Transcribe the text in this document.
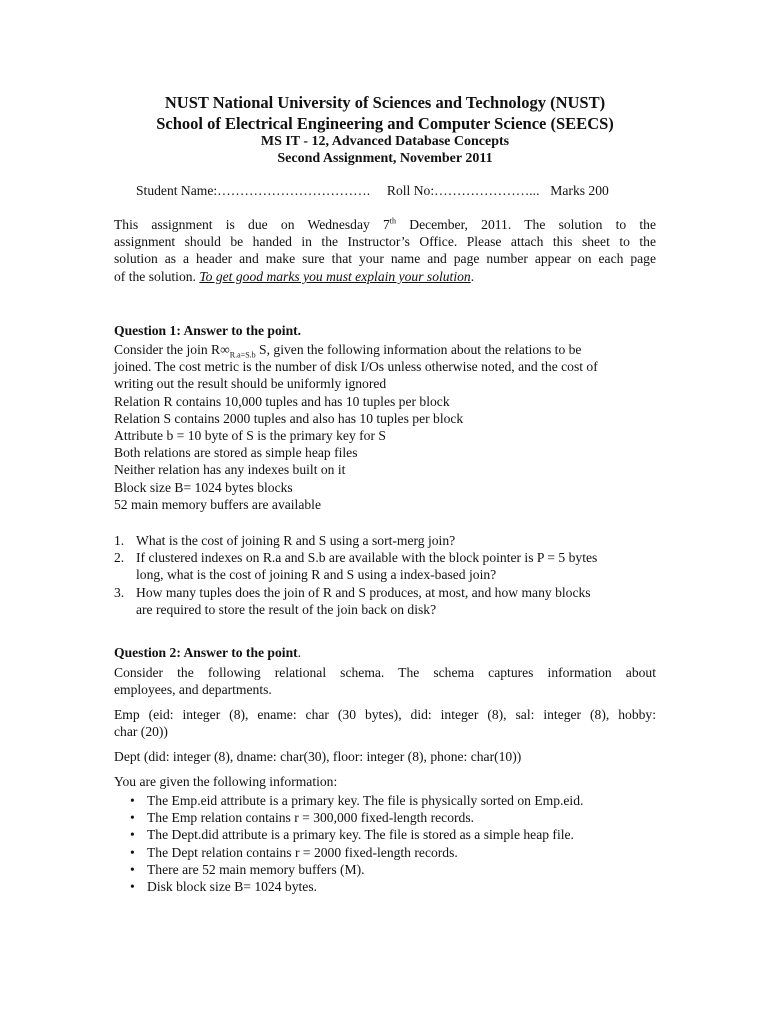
NUST National University of Sciences and Technology (NUST)
School of Electrical Engineering and Computer Science (SEECS)
MS IT - 12, Advanced Database Concepts
Second Assignment, November 2011
Student Name:……………………………. Roll No:…………………... Marks 200
This assignment is due on Wednesday 7th December, 2011. The solution to the
assignment should be handed in the Instructor’s Office. Please attach this sheet to the
solution as a header and make sure that your name and page number appear on each page
of the solution. To get good marks you must explain your solution.
Question 1: Answer to the point.
Consider the join $R\infty_{R.a=S.b}$ S, given the following information about the relations to be
joined. The cost metric is the number of disk I/Os unless otherwise noted, and the cost of
writing out the result should be uniformly ignored
Relation R contains 10,000 tuples and has 10 tuples per block
Relation S contains 2000 tuples and also has 10 tuples per block
Attribute b = 10 byte of S is the primary key for S
Both relations are stored as simple heap files
Neither relation has any indexes built on it
Block size B= 1024 bytes blocks
52 main memory buffers are available
1. What is the cost of joining R and S using a sort-merg join?
2. If clustered indexes on R.a and S.b are available with the block pointer is P = 5 bytes
long, what is the cost of joining R and S using a index-based join?
3. How many tuples does the join of R and S produces, at most, and how many blocks
are required to store the result of the join back on disk?
Question 2: Answer to the point.
Consider the following relational schema. The schema captures information about
employees, and departments.
Emp (eid: integer (8), ename: char (30 bytes), did: integer (8), sal: integer (8), hobby:
char (20))
Dept (did: integer (8), dname: char(30), floor: integer (8), phone: char(10))
You are given the following information:
• The Emp.eid attribute is a primary key. The file is physically sorted on Emp.eid.
• The Emp relation contains r = 300,000 fixed-length records.
• The Dept.did attribute is a primary key. The file is stored as a simple heap file.
• The Dept relation contains r = 2000 fixed-length records.
• There are 52 main memory buffers (M).
• Disk block size B= 1024 bytes.
